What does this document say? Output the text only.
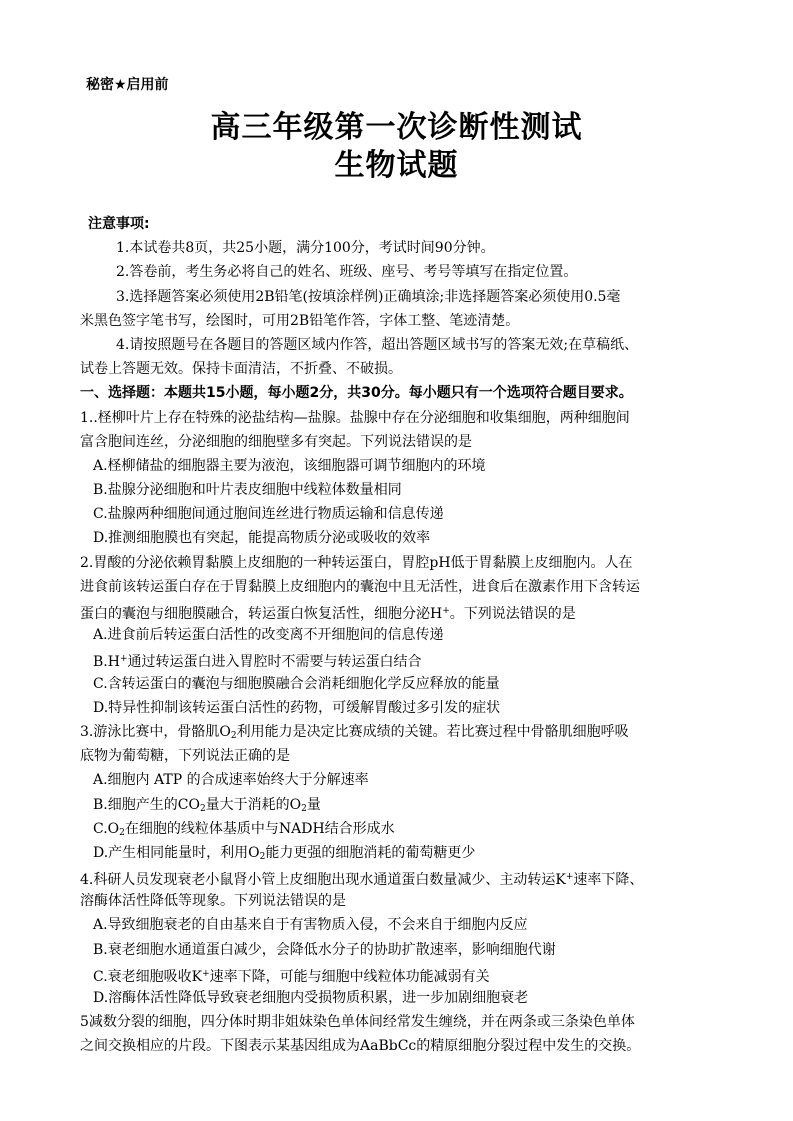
秘密★启用前
高三年级第一次诊断性测试
生物试题
注意事项:
1.本试卷共8页，共25小题，满分100分，考试时间90分钟。
2.答卷前，考生务必将自己的姓名、班级、座号、考号等填写在指定位置。
3.选择题答案必须使用2B铅笔(按填涂样例)正确填涂;非选择题答案必须使用0.5毫
米黑色签字笔书写，绘图时，可用2B铅笔作答，字体工整、笔迹清楚。
4.请按照题号在各题目的答题区域内作答，超出答题区域书写的答案无效;在草稿纸、
试卷上答题无效。保持卡面清洁，不折叠、不破损。
一、选择题：本题共15小题，每小题2分，共30分。每小题只有一个选项符合题目要求。
1..柽柳叶片上存在特殊的泌盐结构—盐腺。盐腺中存在分泌细胞和收集细胞，两种细胞间
富含胞间连丝，分泌细胞的细胞壁多有突起。下列说法错误的是
A.柽柳储盐的细胞器主要为液泡，该细胞器可调节细胞内的环境
B.盐腺分泌细胞和叶片表皮细胞中线粒体数量相同
C.盐腺两种细胞间通过胞间连丝进行物质运输和信息传递
D.推测细胞膜也有突起，能提高物质分泌或吸收的效率
2.胃酸的分泌依赖胃黏膜上皮细胞的一种转运蛋白，胃腔pH低于胃黏膜上皮细胞内。人在
进食前该转运蛋白存在于胃黏膜上皮细胞内的囊泡中且无活性，进食后在激素作用下含转运
蛋白的囊泡与细胞膜融合，转运蛋白恢复活性，细胞分泌H+。下列说法错误的是
A.进食前后转运蛋白活性的改变离不开细胞间的信息传递
B.H+通过转运蛋白进入胃腔时不需要与转运蛋白结合
C.含转运蛋白的囊泡与细胞膜融合会消耗细胞化学反应释放的能量
D.特异性抑制该转运蛋白活性的药物，可缓解胃酸过多引发的症状
3.游泳比赛中，骨骼肌$O_2$利用能力是决定比赛成绩的关键。若比赛过程中骨骼肌细胞呼吸
底物为葡萄糖，下列说法正确的是
A.细胞内 ATP 的合成速率始终大于分解速率
B.细胞产生的$CO_2$量大于消耗的$O_2$量
$C.O_2$在细胞的线粒体基质中与NADH结合形成水
D.产生相同能量时，利用$O_2$能力更强的细胞消耗的葡萄糖更少
4.科研人员发现衰老小鼠肾小管上皮细胞出现水通道蛋白数量减少、主动转运K+速率下降、
溶酶体活性降低等现象。下列说法错误的是
A.导致细胞衰老的自由基来自于有害物质入侵，不会来自于细胞内反应
B.衰老细胞水通道蛋白减少，会降低水分子的协助扩散速率，影响细胞代谢
C.衰老细胞吸收K+速率下降，可能与细胞中线粒体功能减弱有关
D.溶酶体活性降低导致衰老细胞内受损物质积累，进一步加剧细胞衰老
5减数分裂的细胞，四分体时期非姐妹染色单体间经常发生缠绕，并在两条或三条染色单体
之间交换相应的片段。下图表示某基因组成为AaBbCc的精原细胞分裂过程中发生的交换。
